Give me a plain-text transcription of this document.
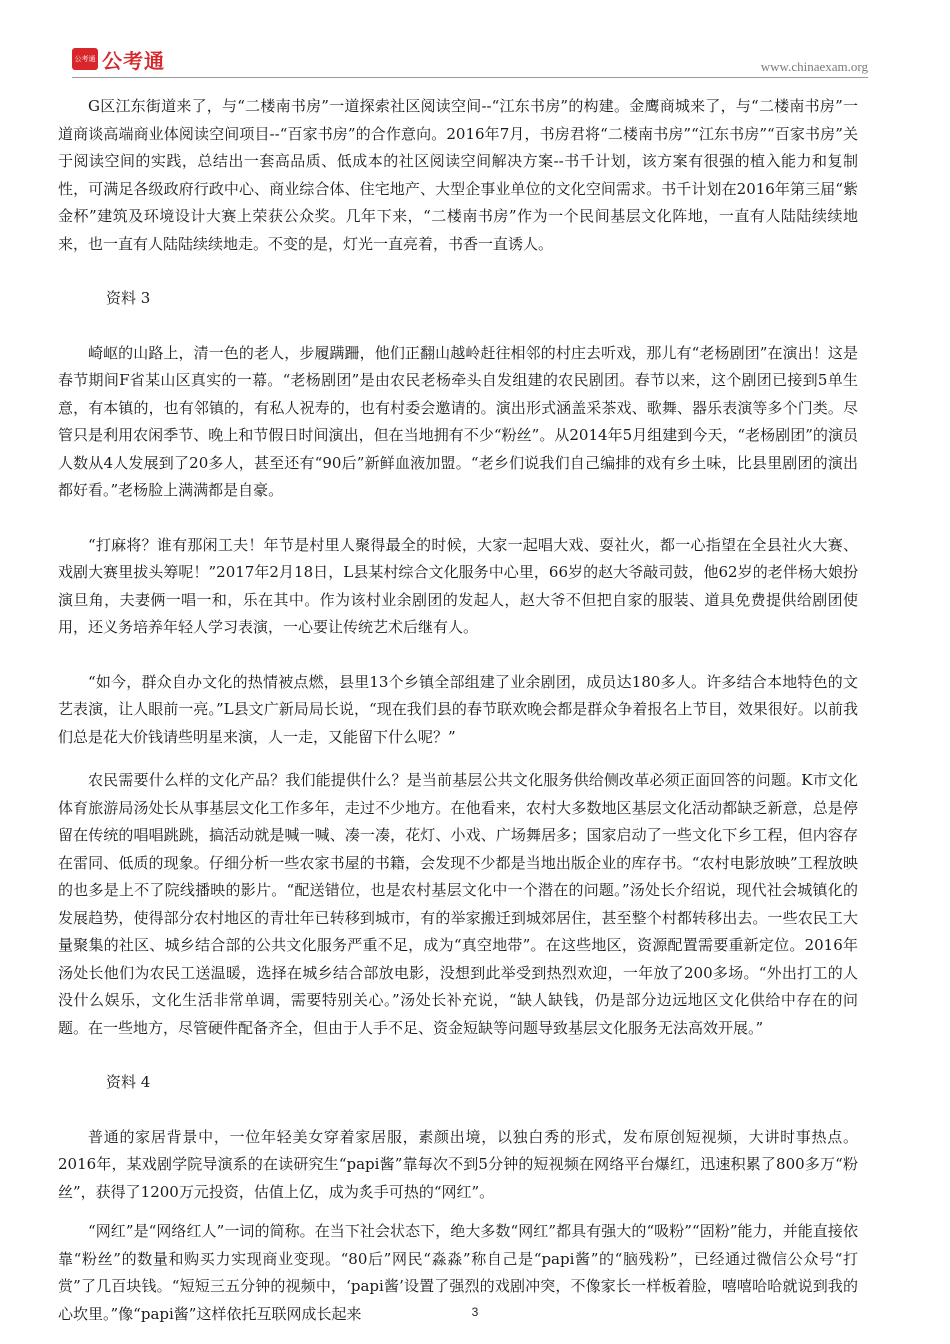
公考通 公考通	www.chinaexam.org

G区江东街道来了，与“二楼南书房”一道探索社区阅读空间--“江东书房”的构建。金鹰商城来了，与“二楼南书房”一道商谈高端商业体阅读空间项目--“百家书房”的合作意向。2016年7月，书房君将“二楼南书房”“江东书房”“百家书房”关于阅读空间的实践，总结出一套高品质、低成本的社区阅读空间解决方案--书千计划，该方案有很强的植入能力和复制性，可满足各级政府行政中心、商业综合体、住宅地产、大型企事业单位的文化空间需求。书千计划在2016年第三届“紫金杯”建筑及环境设计大赛上荣获公众奖。几年下来，“二楼南书房”作为一个民间基层文化阵地，一直有人陆陆续续地来，也一直有人陆陆续续地走。不变的是，灯光一直亮着，书香一直诱人。

资料 3

崎岖的山路上，清一色的老人，步履蹒跚，他们正翻山越岭赶往相邻的村庄去听戏，那儿有“老杨剧团”在演出！这是春节期间F省某山区真实的一幕。“老杨剧团”是由农民老杨牵头自发组建的农民剧团。春节以来，这个剧团已接到5单生意，有本镇的，也有邻镇的，有私人祝寿的，也有村委会邀请的。演出形式涵盖采茶戏、歌舞、器乐表演等多个门类。尽管只是利用农闲季节、晚上和节假日时间演出，但在当地拥有不少“粉丝”。从2014年5月组建到今天，“老杨剧团”的演员人数从4人发展到了20多人，甚至还有“90后”新鲜血液加盟。“老乡们说我们自己编排的戏有乡土味，比县里剧团的演出都好看。”老杨脸上满满都是自豪。

“打麻将？谁有那闲工夫！年节是村里人聚得最全的时候，大家一起唱大戏、耍社火，都一心指望在全县社火大赛、戏剧大赛里拔头筹呢！”2017年2月18日，L县某村综合文化服务中心里，66岁的赵大爷敲司鼓，他62岁的老伴杨大娘扮演旦角，夫妻俩一唱一和，乐在其中。作为该村业余剧团的发起人，赵大爷不但把自家的服装、道具免费提供给剧团使用，还义务培养年轻人学习表演，一心要让传统艺术后继有人。

“如今，群众自办文化的热情被点燃，县里13个乡镇全部组建了业余剧团，成员达180多人。许多结合本地特色的文艺表演，让人眼前一亮。”L县文广新局局长说，“现在我们县的春节联欢晚会都是群众争着报名上节目，效果很好。以前我们总是花大价钱请些明星来演，人一走，又能留下什么呢？”

农民需要什么样的文化产品？我们能提供什么？是当前基层公共文化服务供给侧改革必须正面回答的问题。K市文化体育旅游局汤处长从事基层文化工作多年，走过不少地方。在他看来，农村大多数地区基层文化活动都缺乏新意，总是停留在传统的唱唱跳跳，搞活动就是喊一喊、凑一凑，花灯、小戏、广场舞居多；国家启动了一些文化下乡工程，但内容存在雷同、低质的现象。仔细分析一些农家书屋的书籍，会发现不少都是当地出版企业的库存书。“农村电影放映”工程放映的也多是上不了院线播映的影片。“配送错位，也是农村基层文化中一个潜在的问题。”汤处长介绍说，现代社会城镇化的发展趋势，使得部分农村地区的青壮年已转移到城市，有的举家搬迁到城郊居住，甚至整个村都转移出去。一些农民工大量聚集的社区、城乡结合部的公共文化服务严重不足，成为“真空地带”。在这些地区，资源配置需要重新定位。2016年汤处长他们为农民工送温暖，选择在城乡结合部放电影，没想到此举受到热烈欢迎，一年放了200多场。“外出打工的人没什么娱乐，文化生活非常单调，需要特别关心。”汤处长补充说，“缺人缺钱，仍是部分边远地区文化供给中存在的问题。在一些地方，尽管硬件配备齐全，但由于人手不足、资金短缺等问题导致基层文化服务无法高效开展。”

资料 4

普通的家居背景中，一位年轻美女穿着家居服，素颜出境，以独白秀的形式，发布原创短视频，大讲时事热点。2016年，某戏剧学院导演系的在读研究生“papi酱”靠每次不到5分钟的短视频在网络平台爆红，迅速积累了800多万“粉丝”，获得了1200万元投资，估值上亿，成为炙手可热的“网红”。

“网红”是“网络红人”一词的简称。在当下社会状态下，绝大多数“网红”都具有强大的“吸粉”“固粉”能力，并能直接依靠“粉丝”的数量和购买力实现商业变现。“80后”网民“淼淼”称自己是“papi酱”的“脑残粉”，已经通过微信公众号“打赏”了几百块钱。“短短三五分钟的视频中，‘papi酱’设置了强烈的戏剧冲突，不像家长一样板着脸，嘻嘻哈哈就说到我的心坎里。”像“papi酱”这样依托互联网成长起来	3
